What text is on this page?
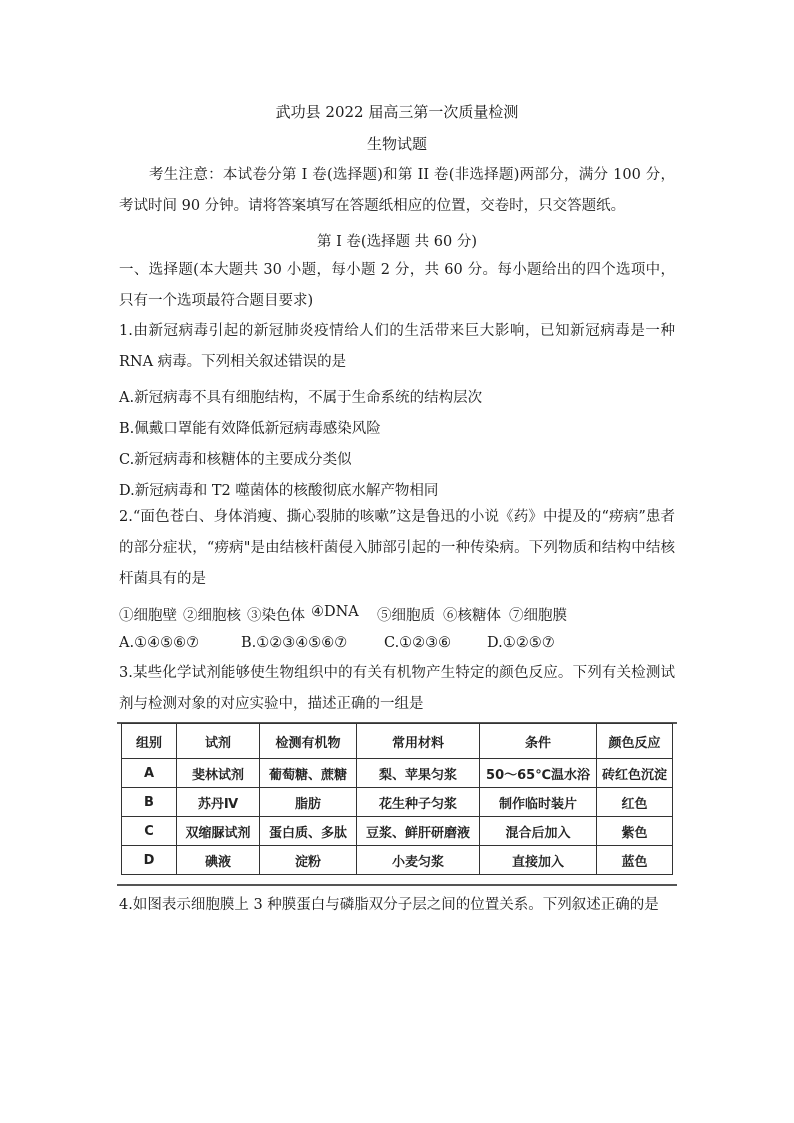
武功县 2022 届高三第一次质量检测
生物试题
考生注意：本试卷分第 I 卷(选择题)和第 II 卷(非选择题)两部分，满分 100 分，考试时间 90 分钟。请将答案填写在答题纸相应的位置，交卷时，只交答题纸。
第 I 卷(选择题 共 60 分)
一、选择题(本大题共 30 小题，每小题 2 分，共 60 分。每小题给出的四个选项中，只有一个选项最符合题目要求)
1.由新冠病毒引起的新冠肺炎疫情给人们的生活带来巨大影响，已知新冠病毒是一种 RNA 病毒。下列相关叙述错误的是
A.新冠病毒不具有细胞结构，不属于生命系统的结构层次
B.佩戴口罩能有效降低新冠病毒感染风险
C.新冠病毒和核糖体的主要成分类似
D.新冠病毒和 T2 噬菌体的核酸彻底水解产物相同
2.“面色苍白、身体消瘦、撕心裂肺的咳嗽”这是鲁迅的小说《药》中提及的“痨病”患者的部分症状，“痨病"是由结核杆菌侵入肺部引起的一种传染病。下列物质和结构中结核杆菌具有的是
①细胞壁 ②细胞核 ③染色体 ④DNA	⑤细胞质 ⑥核糖体 ⑦细胞膜
A.①④⑤⑥⑦	B.①②③④⑤⑥⑦	C.①②③⑥	D.①②⑤⑦
3.某些化学试剂能够使生物组织中的有关有机物产生特定的颜色反应。下列有关检测试剂与检测对象的对应实验中，描述正确的一组是
组别	试剂	检测有机物	常用材料	条件	颜色反应
A	斐林试剂	葡萄糖、蔗糖	梨、苹果匀浆	50～65℃温水浴	砖红色沉淀
B	苏丹Ⅳ	脂肪	花生种子匀浆	制作临时装片	红色
C	双缩脲试剂	蛋白质、多肽	豆浆、鲜肝研磨液	混合后加入	紫色
D	碘液	淀粉	小麦匀浆	直接加入	蓝色
4.如图表示细胞膜上 3 种膜蛋白与磷脂双分子层之间的位置关系。下列叙述正确的是
